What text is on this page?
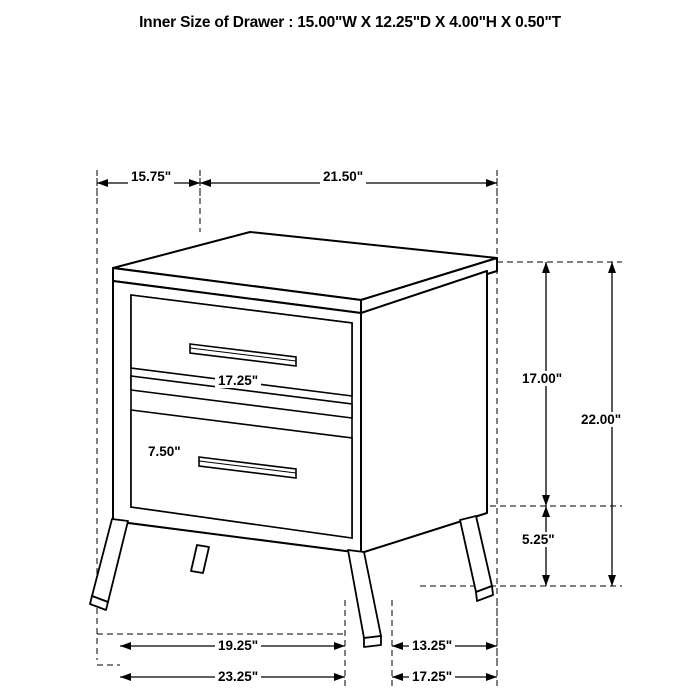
Inner Size of Drawer : 15.00"W X 12.25"D X 4.00"H X 0.50"T
15.75"	21.50"
17.25"
7.50"
17.00"
22.00"
5.25"
19.25"	13.25"
23.25"	17.25"
